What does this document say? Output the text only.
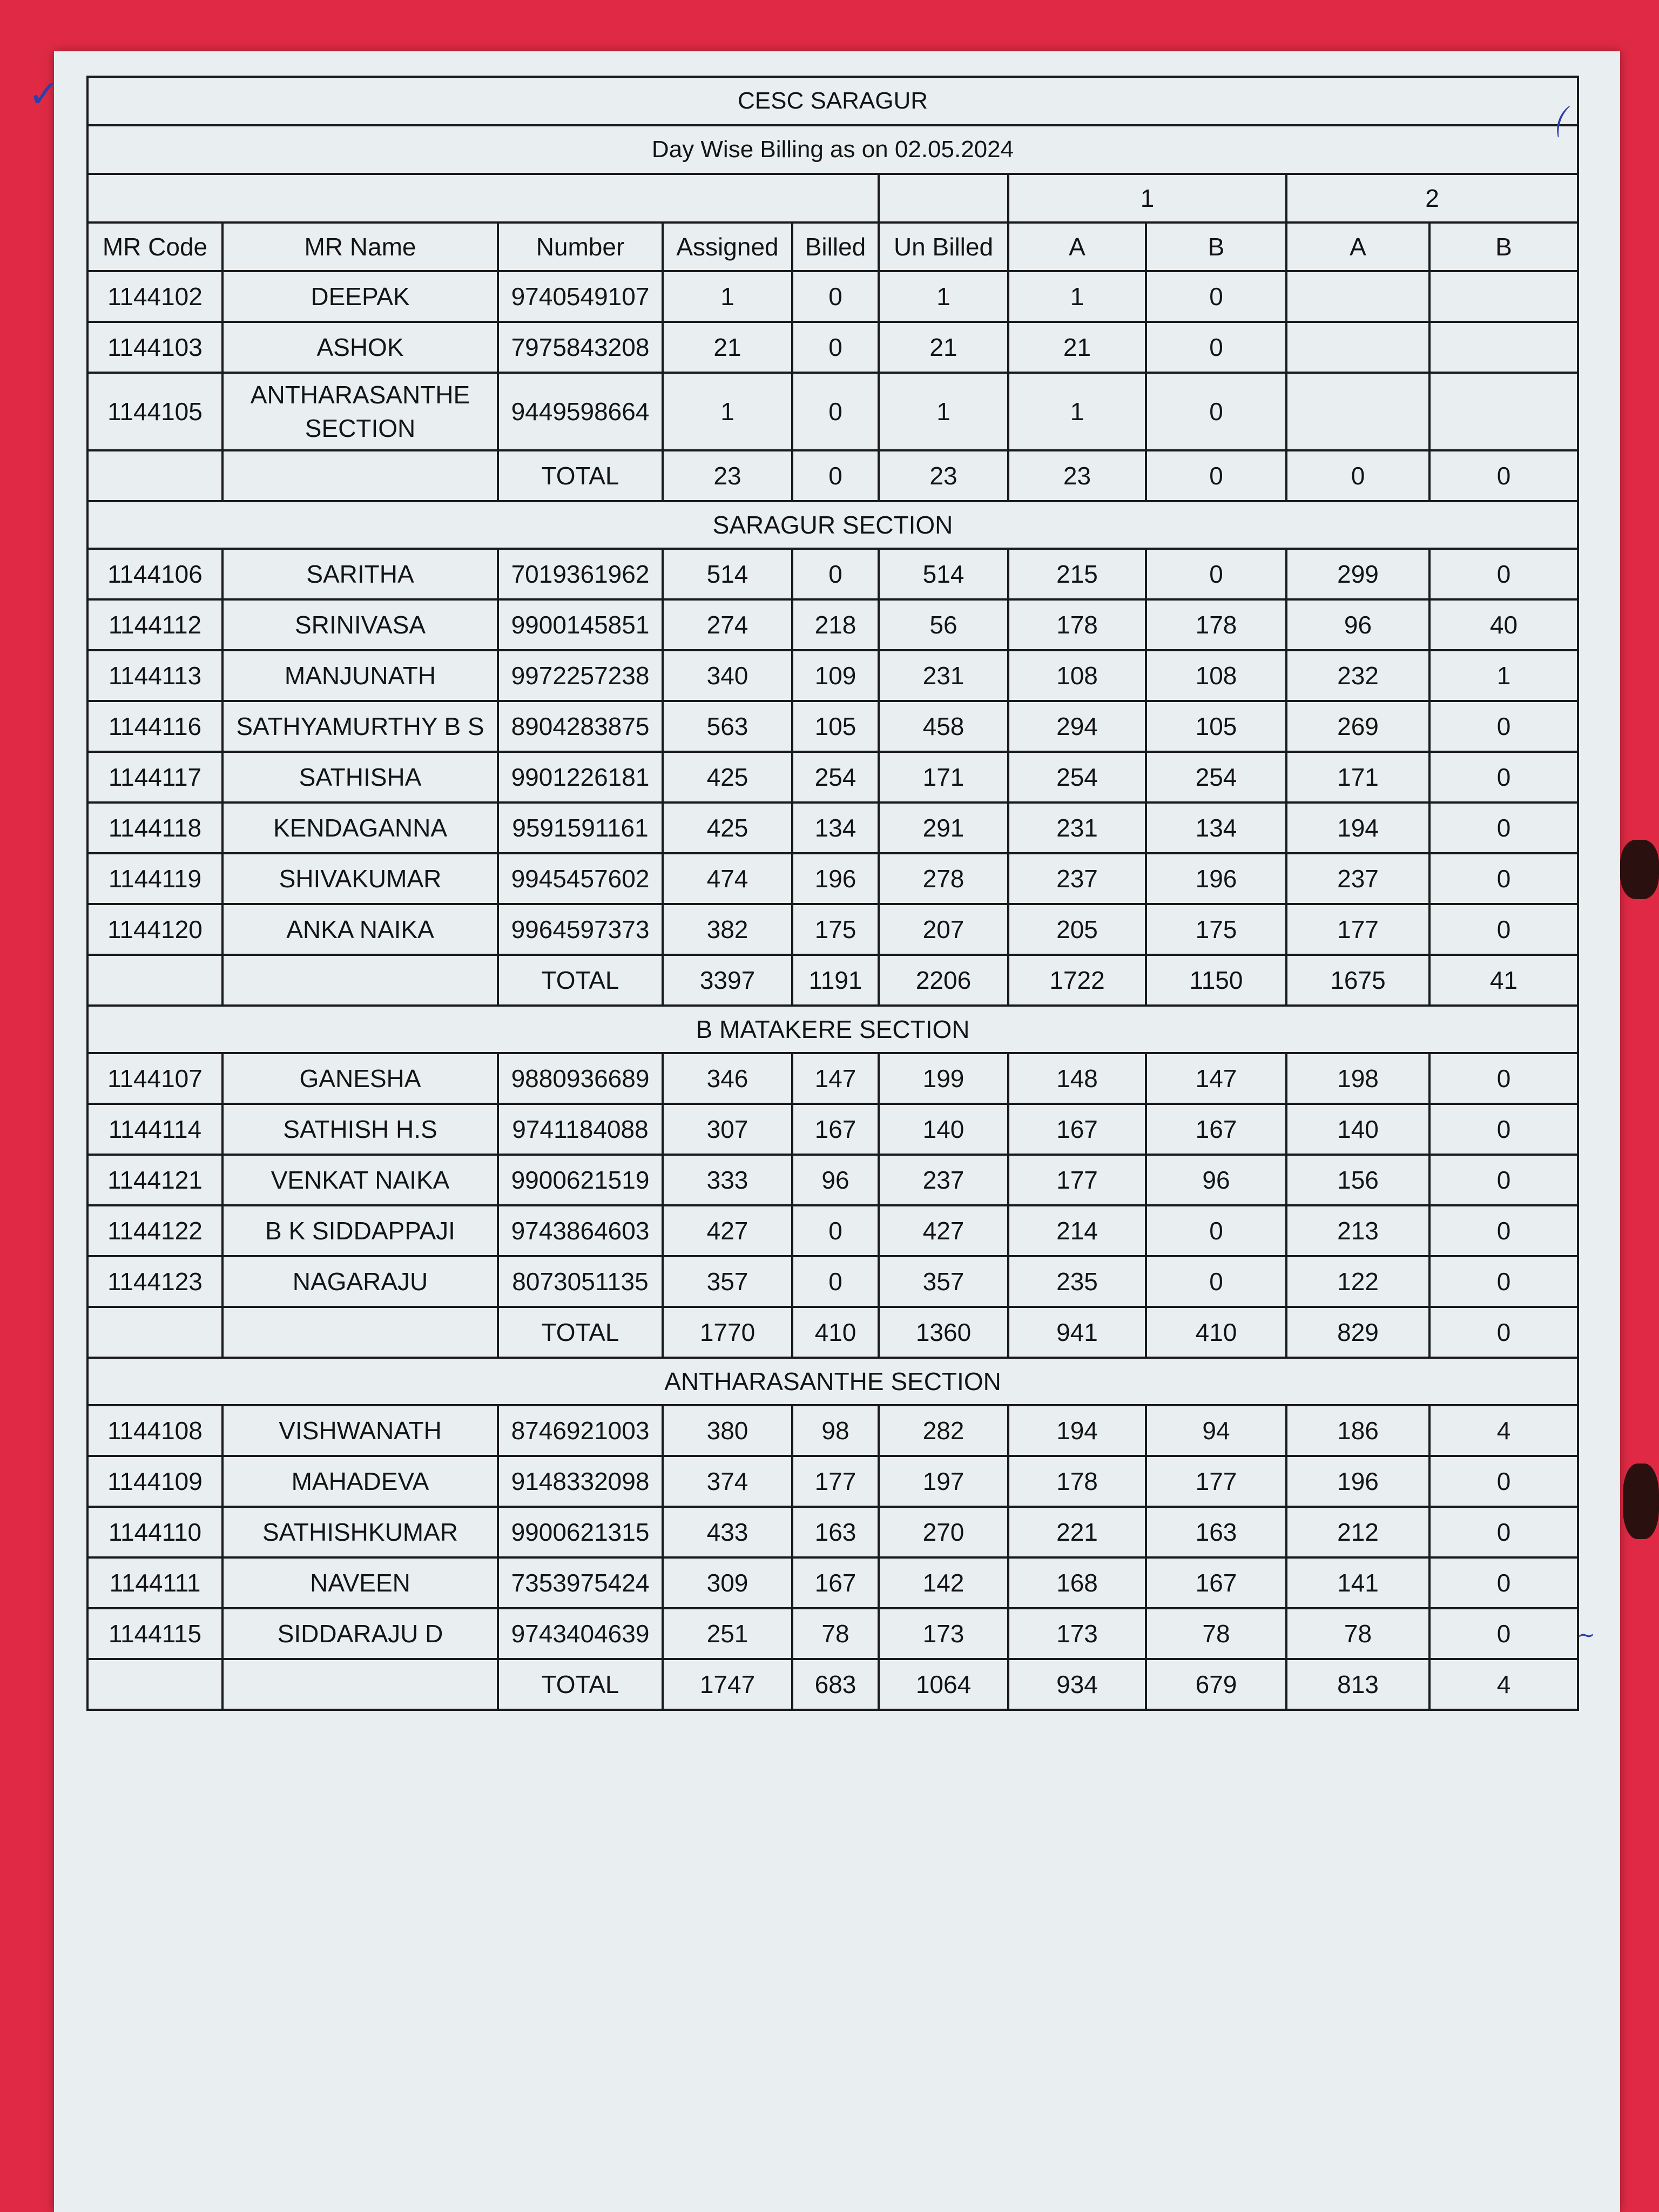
CESC SARAGUR									
Day Wise Billing as on 02.05.2024									
						1		2	
MR Code	MR Name	Number	Assigned	Billed	Un Billed	A	B	A	B
1144102	DEEPAK	9740549107	1	0	1	1	0		
1144103	ASHOK	7975843208	21	0	21	21	0		
1144105	ANTHARASANTHE SECTION	9449598664	1	0	1	1	0		
		TOTAL	23	0	23	23	0	0	0
SARAGUR SECTION									
1144106	SARITHA	7019361962	514	0	514	215	0	299	0
1144112	SRINIVASA	9900145851	274	218	56	178	178	96	40
1144113	MANJUNATH	9972257238	340	109	231	108	108	232	1
1144116	SATHYAMURTHY B S	8904283875	563	105	458	294	105	269	0
1144117	SATHISHA	9901226181	425	254	171	254	254	171	0
1144118	KENDAGANNA	9591591161	425	134	291	231	134	194	0
1144119	SHIVAKUMAR	9945457602	474	196	278	237	196	237	0
1144120	ANKA NAIKA	9964597373	382	175	207	205	175	177	0
		TOTAL	3397	1191	2206	1722	1150	1675	41
B MATAKERE SECTION									
1144107	GANESHA	9880936689	346	147	199	148	147	198	0
1144114	SATHISH H.S	9741184088	307	167	140	167	167	140	0
1144121	VENKAT NAIKA	9900621519	333	96	237	177	96	156	0
1144122	B K SIDDAPPAJI	9743864603	427	0	427	214	0	213	0
1144123	NAGARAJU	8073051135	357	0	357	235	0	122	0
		TOTAL	1770	410	1360	941	410	829	0
ANTHARASANTHE SECTION									
1144108	VISHWANATH	8746921003	380	98	282	194	94	186	4
1144109	MAHADEVA	9148332098	374	177	197	178	177	196	0
1144110	SATHISHKUMAR	9900621315	433	163	270	221	163	212	0
1144111	NAVEEN	7353975424	309	167	142	168	167	141	0
1144115	SIDDARAJU D	9743404639	251	78	173	173	78	78	0
		TOTAL	1747	683	1064	934	679	813	4
✓
⌒
~
